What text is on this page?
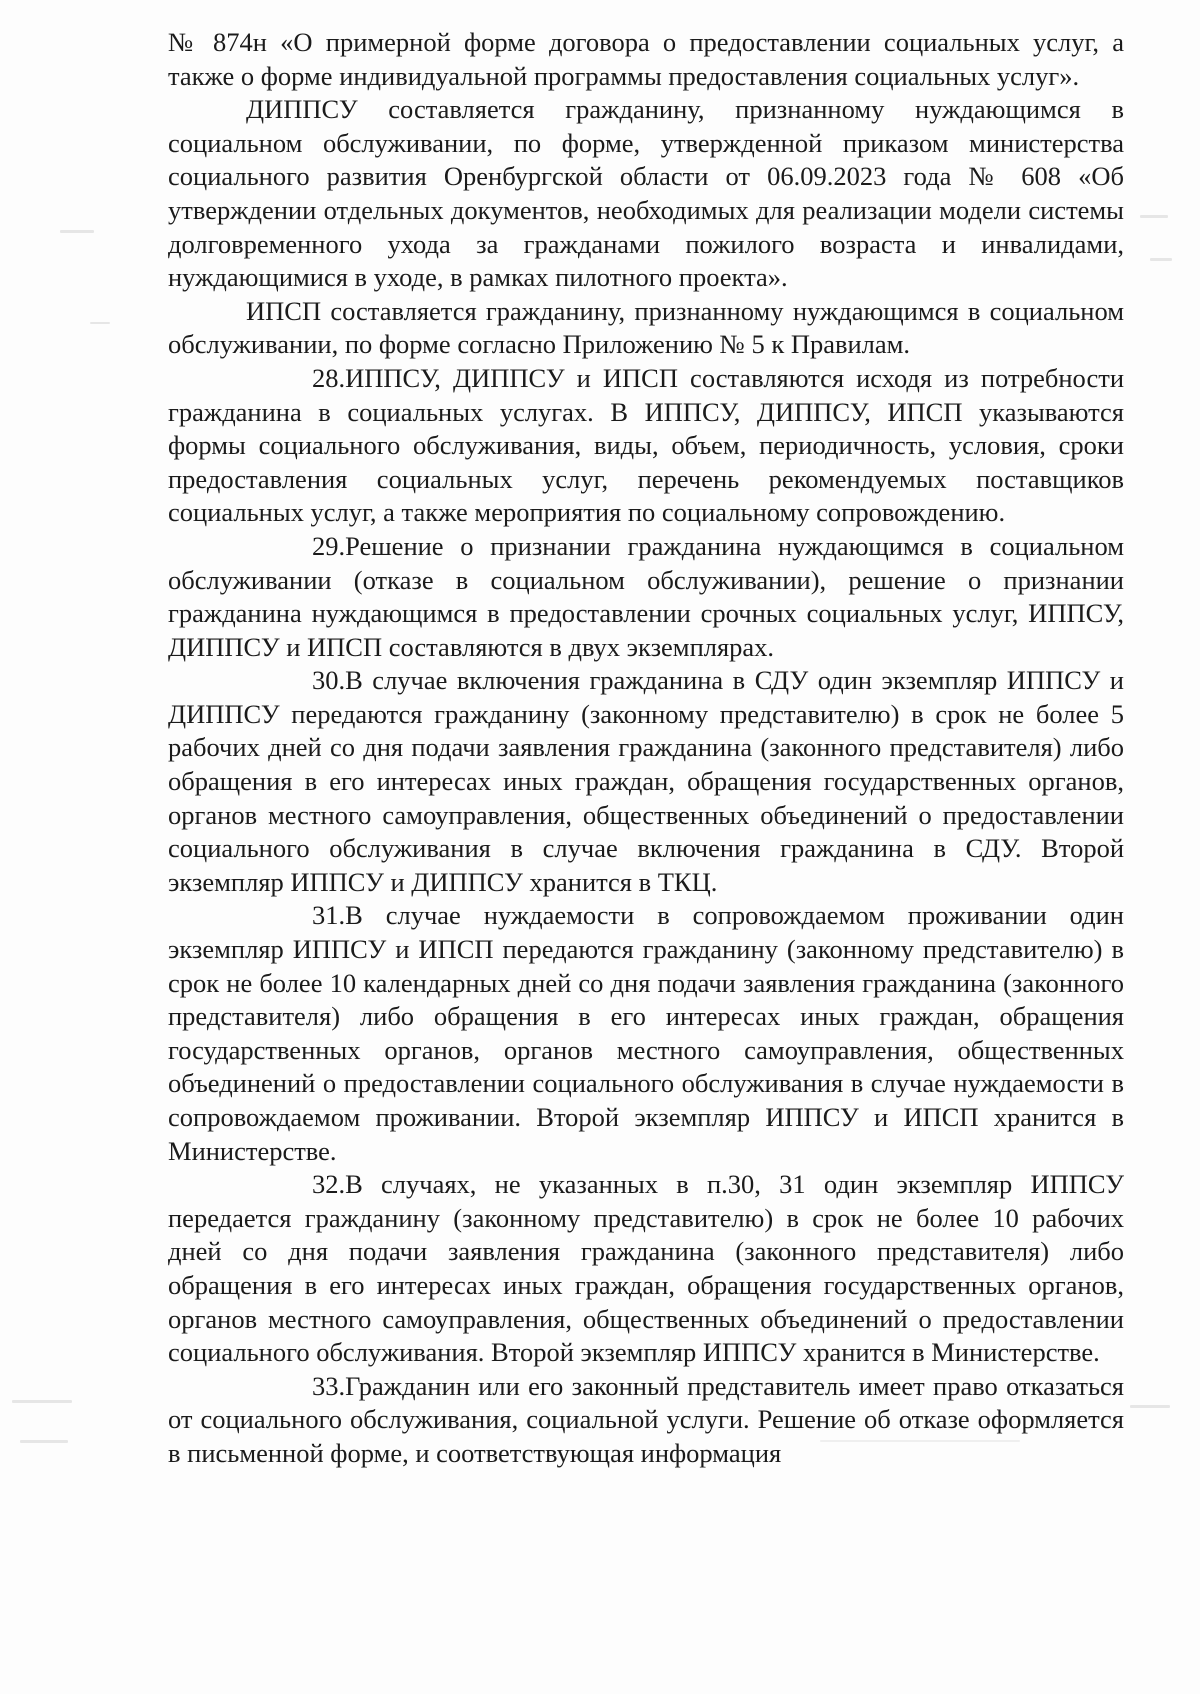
№ 874н «О примерной форме договора о предоставлении социальных услуг, а также о форме индивидуальной программы предоставления социальных услуг».

ДИППСУ составляется гражданину, признанному нуждающимся в социальном обслуживании, по форме, утвержденной приказом министерства социального развития Оренбургской области от 06.09.2023 года № 608 «Об утверждении отдельных документов, необходимых для реализации модели системы долговременного ухода за гражданами пожилого возраста и инвалидами, нуждающимися в уходе, в рамках пилотного проекта».

ИПСП составляется гражданину, признанному нуждающимся в социальном обслуживании, по форме согласно Приложению № 5 к Правилам.

28.ИППСУ, ДИППСУ и ИПСП составляются исходя из потребности гражданина в социальных услугах. В ИППСУ, ДИППСУ, ИПСП указываются формы социального обслуживания, виды, объем, периодичность, условия, сроки предоставления социальных услуг, перечень рекомендуемых поставщиков социальных услуг, а также мероприятия по социальному сопровождению.

29.Решение о признании гражданина нуждающимся в социальном обслуживании (отказе в социальном обслуживании), решение о признании гражданина нуждающимся в предоставлении срочных социальных услуг, ИППСУ, ДИППСУ и ИПСП составляются в двух экземплярах.

30.В случае включения гражданина в СДУ один экземпляр ИППСУ и ДИППСУ передаются гражданину (законному представителю) в срок не более 5 рабочих дней со дня подачи заявления гражданина (законного представителя) либо обращения в его интересах иных граждан, обращения государственных органов, органов местного самоуправления, общественных объединений о предоставлении социального обслуживания в случае включения гражданина в СДУ. Второй экземпляр ИППСУ и ДИППСУ хранится в ТКЦ.

31.В случае нуждаемости в сопровождаемом проживании один экземпляр ИППСУ и ИПСП передаются гражданину (законному представителю) в срок не более 10 календарных дней со дня подачи заявления гражданина (законного представителя) либо обращения в его интересах иных граждан, обращения государственных органов, органов местного самоуправления, общественных объединений о предоставлении социального обслуживания в случае нуждаемости в сопровождаемом проживании. Второй экземпляр ИППСУ и ИПСП хранится в Министерстве.

32.В случаях, не указанных в п.30, 31 один экземпляр ИППСУ передается гражданину (законному представителю) в срок не более 10 рабочих дней со дня подачи заявления гражданина (законного представителя) либо обращения в его интересах иных граждан, обращения государственных органов, органов местного самоуправления, общественных объединений о предоставлении социального обслуживания. Второй экземпляр ИППСУ хранится в Министерстве.

33.Гражданин или его законный представитель имеет право отказаться от социального обслуживания, социальной услуги. Решение об отказе оформляется в письменной форме, и соответствующая информация
